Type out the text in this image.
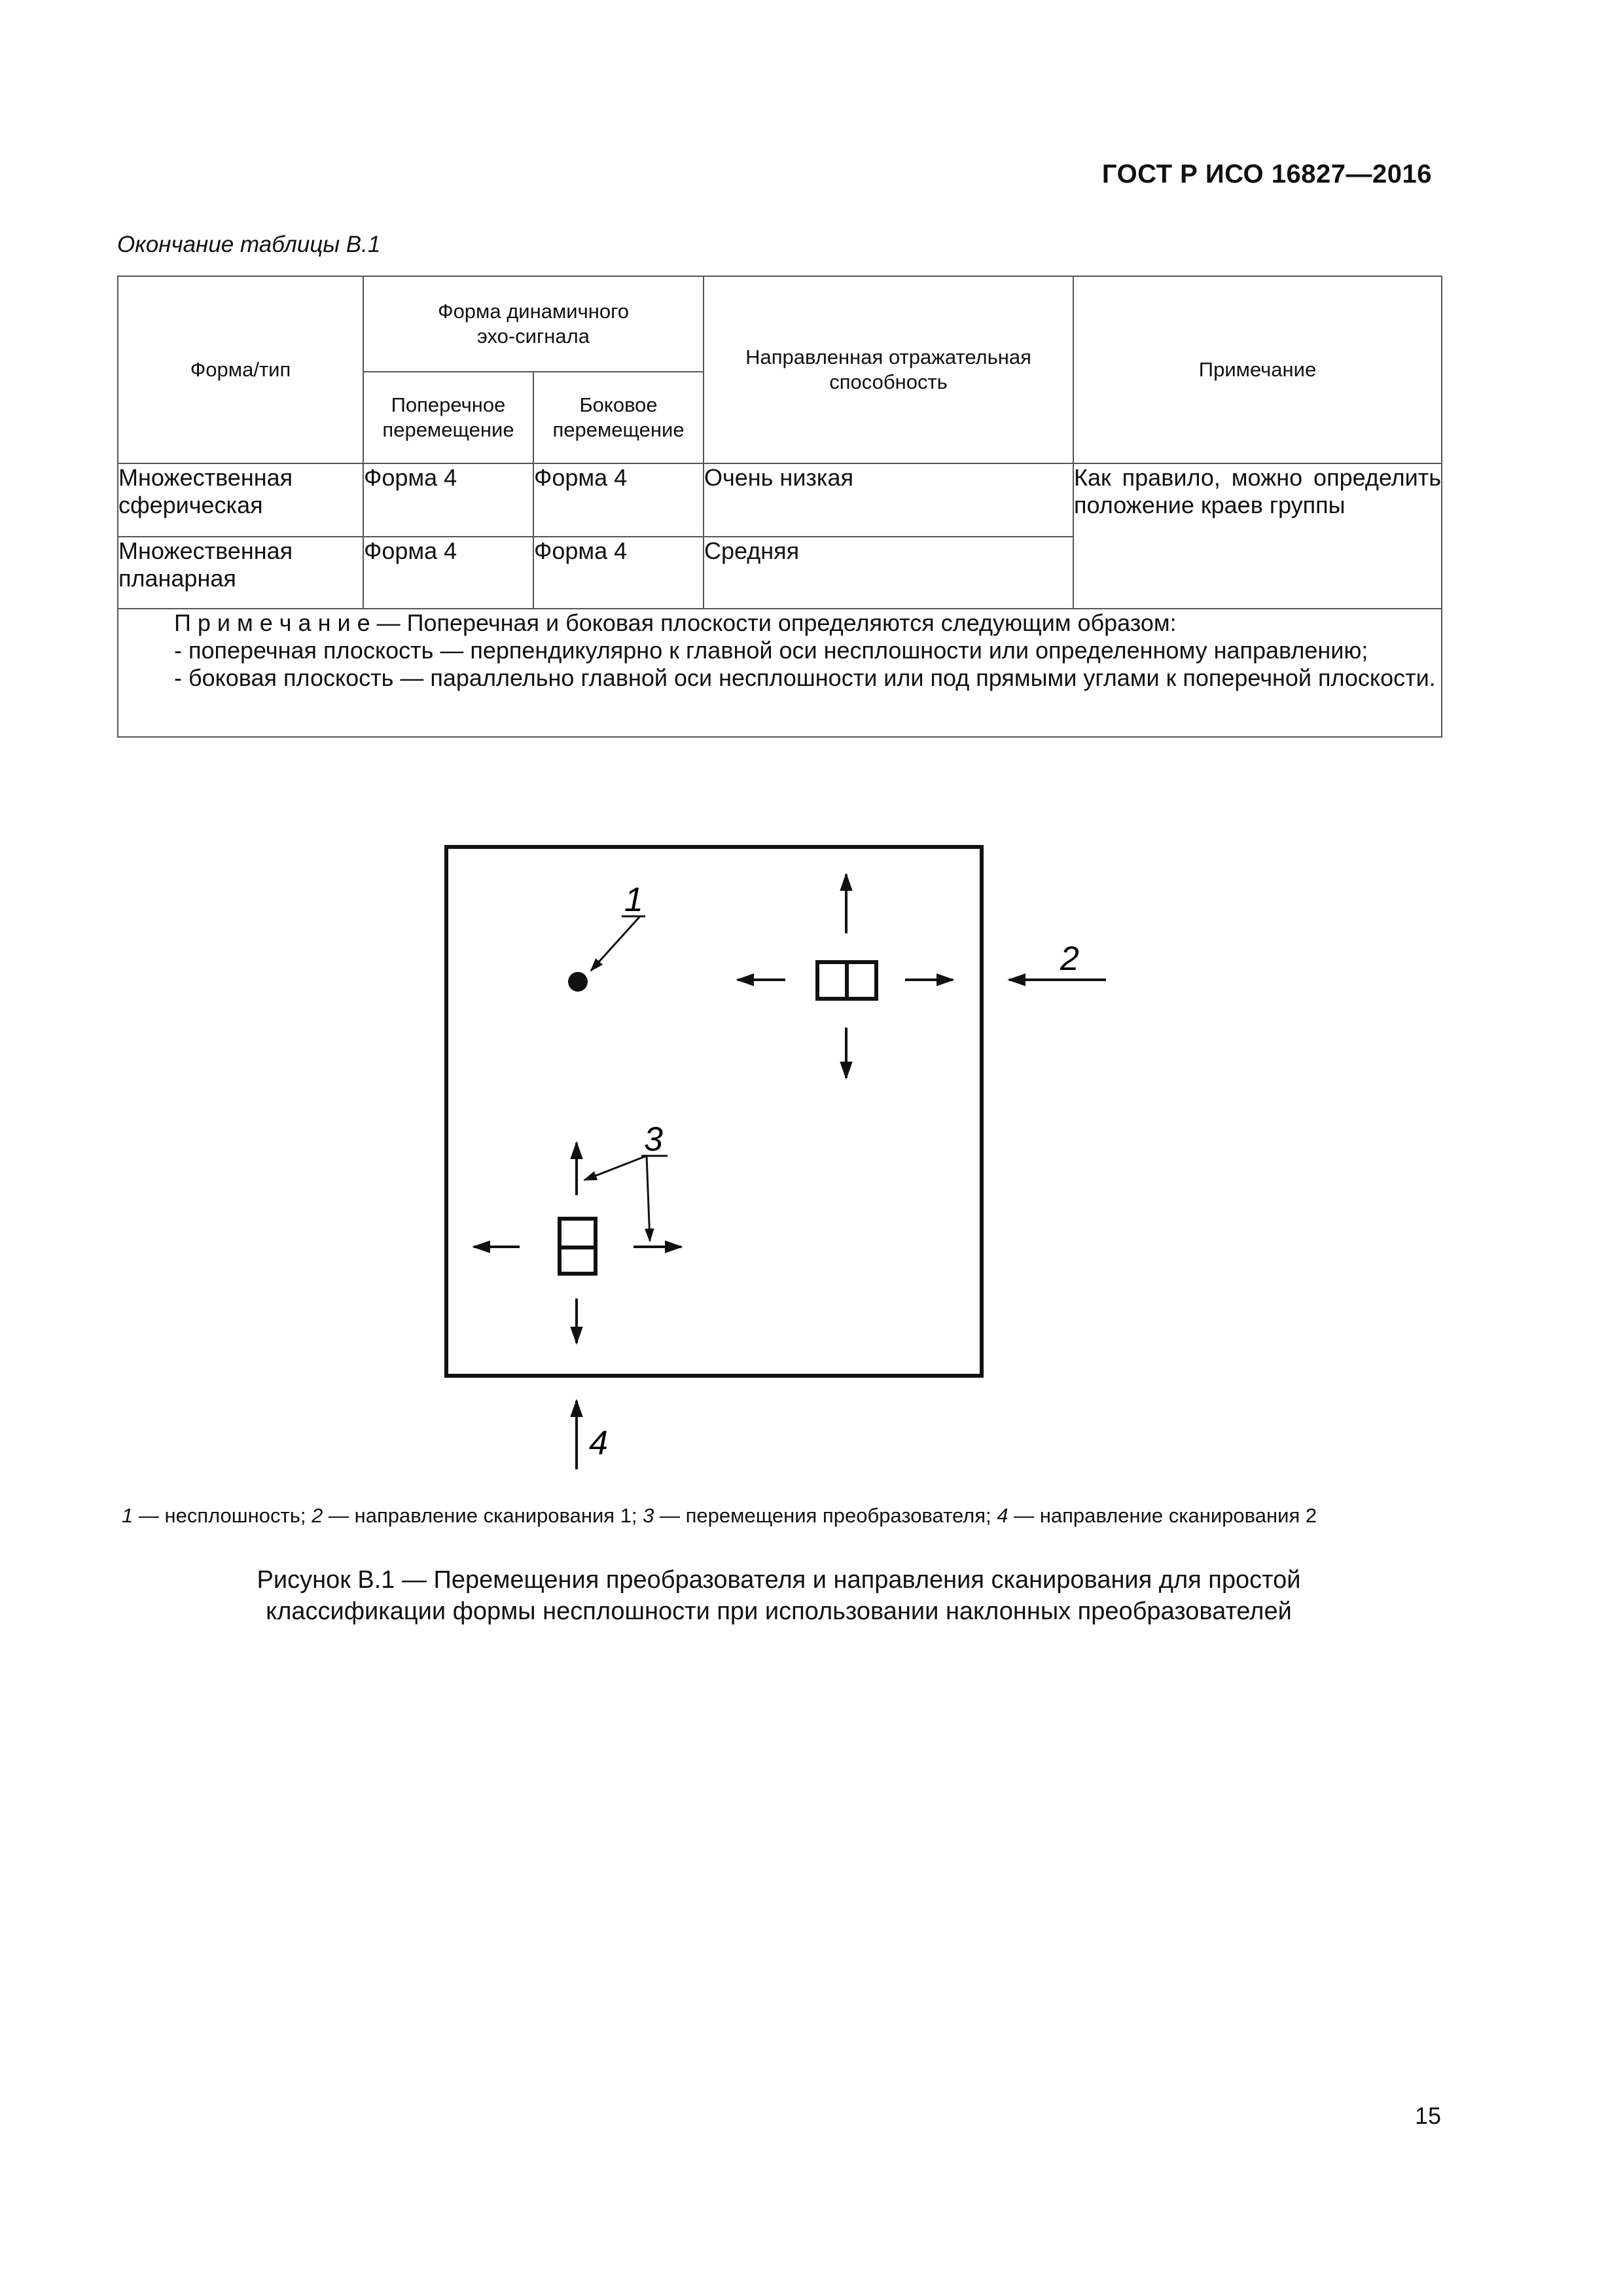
ГОСТ Р ИСО 16827—2016
Окончание таблицы В.1
Форма/тип	Форма динамичного эхо-сигнала		Направленная отражательная способность	Примечание
	Поперечное перемещение	Боковое перемещение		
Множественная сферическая	Форма 4	Форма 4	Очень низкая	Как правило, можно определить положение краев группы
Множественная планарная	Форма 4	Форма 4	Средняя	

П р и м е ч а н и е — Поперечная и боковая плоскости определяются следующим образом:
- поперечная плоскость — перпендикулярно к главной оси несплошности или определенному направлению;
- боковая плоскость — параллельно главной оси несплошности или под прямыми углами к поперечной плоскости.				
1
2
3
4
1 — несплошность; 2 — направление сканирования 1; 3 — перемещения преобразователя; 4 — направление сканирования 2
Рисунок В.1 — Перемещения преобразователя и направления сканирования для простой
классификации формы несплошности при использовании наклонных преобразователей
15
